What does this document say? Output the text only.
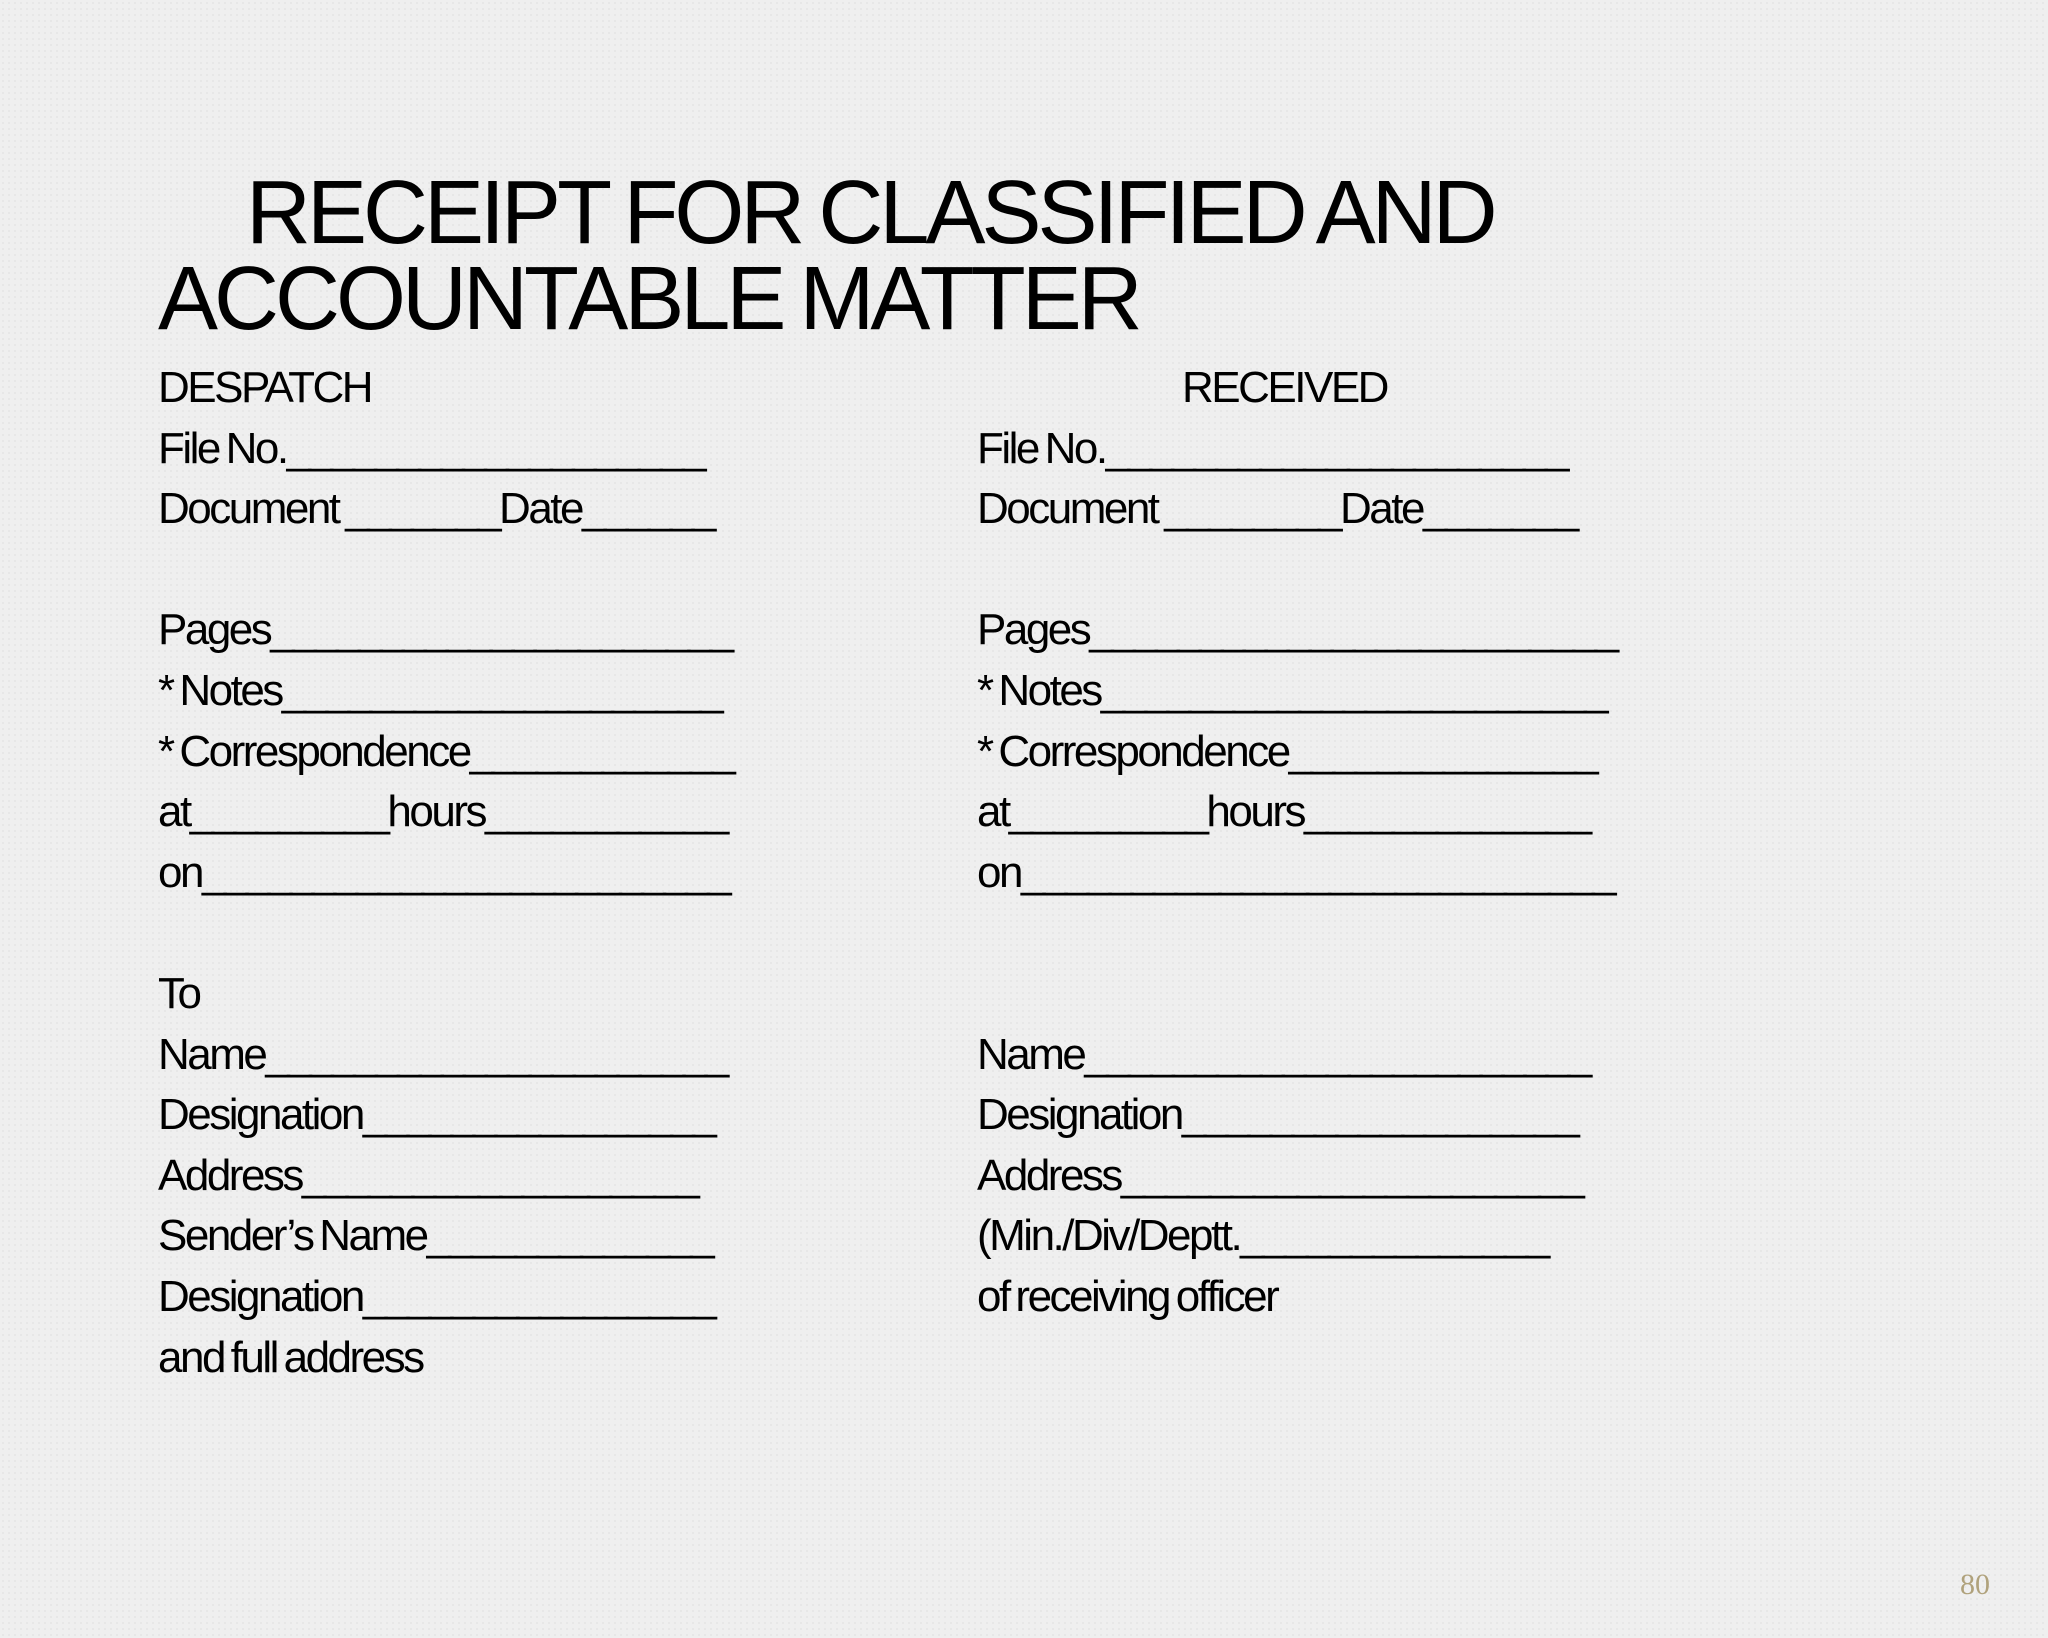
RECEIPT FOR CLASSIFIED AND
ACCOUNTABLE MATTER
DESPATCH
File No.___________________
Document _______Date______
Pages_____________________
* Notes____________________
* Correspondence____________
at_________hours___________
on________________________
To
Name_____________________
Designation________________
Address__________________
Sender’s Name_____________
Designation________________
and full address
RECEIVED
File No._____________________
Document ________Date_______
Pages________________________
* Notes_______________________
* Correspondence______________
at_________hours_____________
on___________________________
Name_______________________
Designation__________________
Address_____________________
(Min./Div/Deptt.______________
of receiving officer
80
